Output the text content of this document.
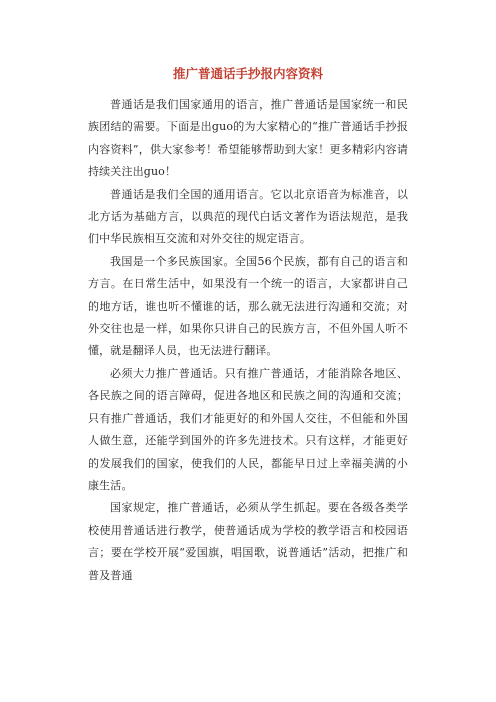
推广普通话手抄报内容资料

普通话是我们国家通用的语言，推广普通话是国家统一和民族团结的需要。下面是出guo的为大家精心的“推广普通话手抄报内容资料”，供大家参考！希望能够帮助到大家！更多精彩内容请持续关注出guo！

普通话是我们全国的通用语言。它以北京语音为标准音，以北方话为基础方言，以典范的现代白话文著作为语法规范，是我们中华民族相互交流和对外交往的规定语言。

我国是一个多民族国家。全国56个民族，都有自己的语言和方言。在日常生活中，如果没有一个统一的语言，大家都讲自己的地方话，谁也听不懂谁的话，那么就无法进行沟通和交流；对外交往也是一样，如果你只讲自己的民族方言，不但外国人听不懂，就是翻译人员，也无法进行翻译。

必须大力推广普通话。只有推广普通话，才能消除各地区、各民族之间的语言障碍，促进各地区和民族之间的沟通和交流；只有推广普通话，我们才能更好的和外国人交往，不但能和外国人做生意，还能学到国外的许多先进技术。只有这样，才能更好的发展我们的国家，使我们的人民，都能早日过上幸福美满的小康生活。

国家规定，推广普通话，必须从学生抓起。要在各级各类学校使用普通话进行教学，使普通话成为学校的教学语言和校园语言；要在学校开展“爱国旗，唱国歌，说普通话”活动，把推广和普及普通
